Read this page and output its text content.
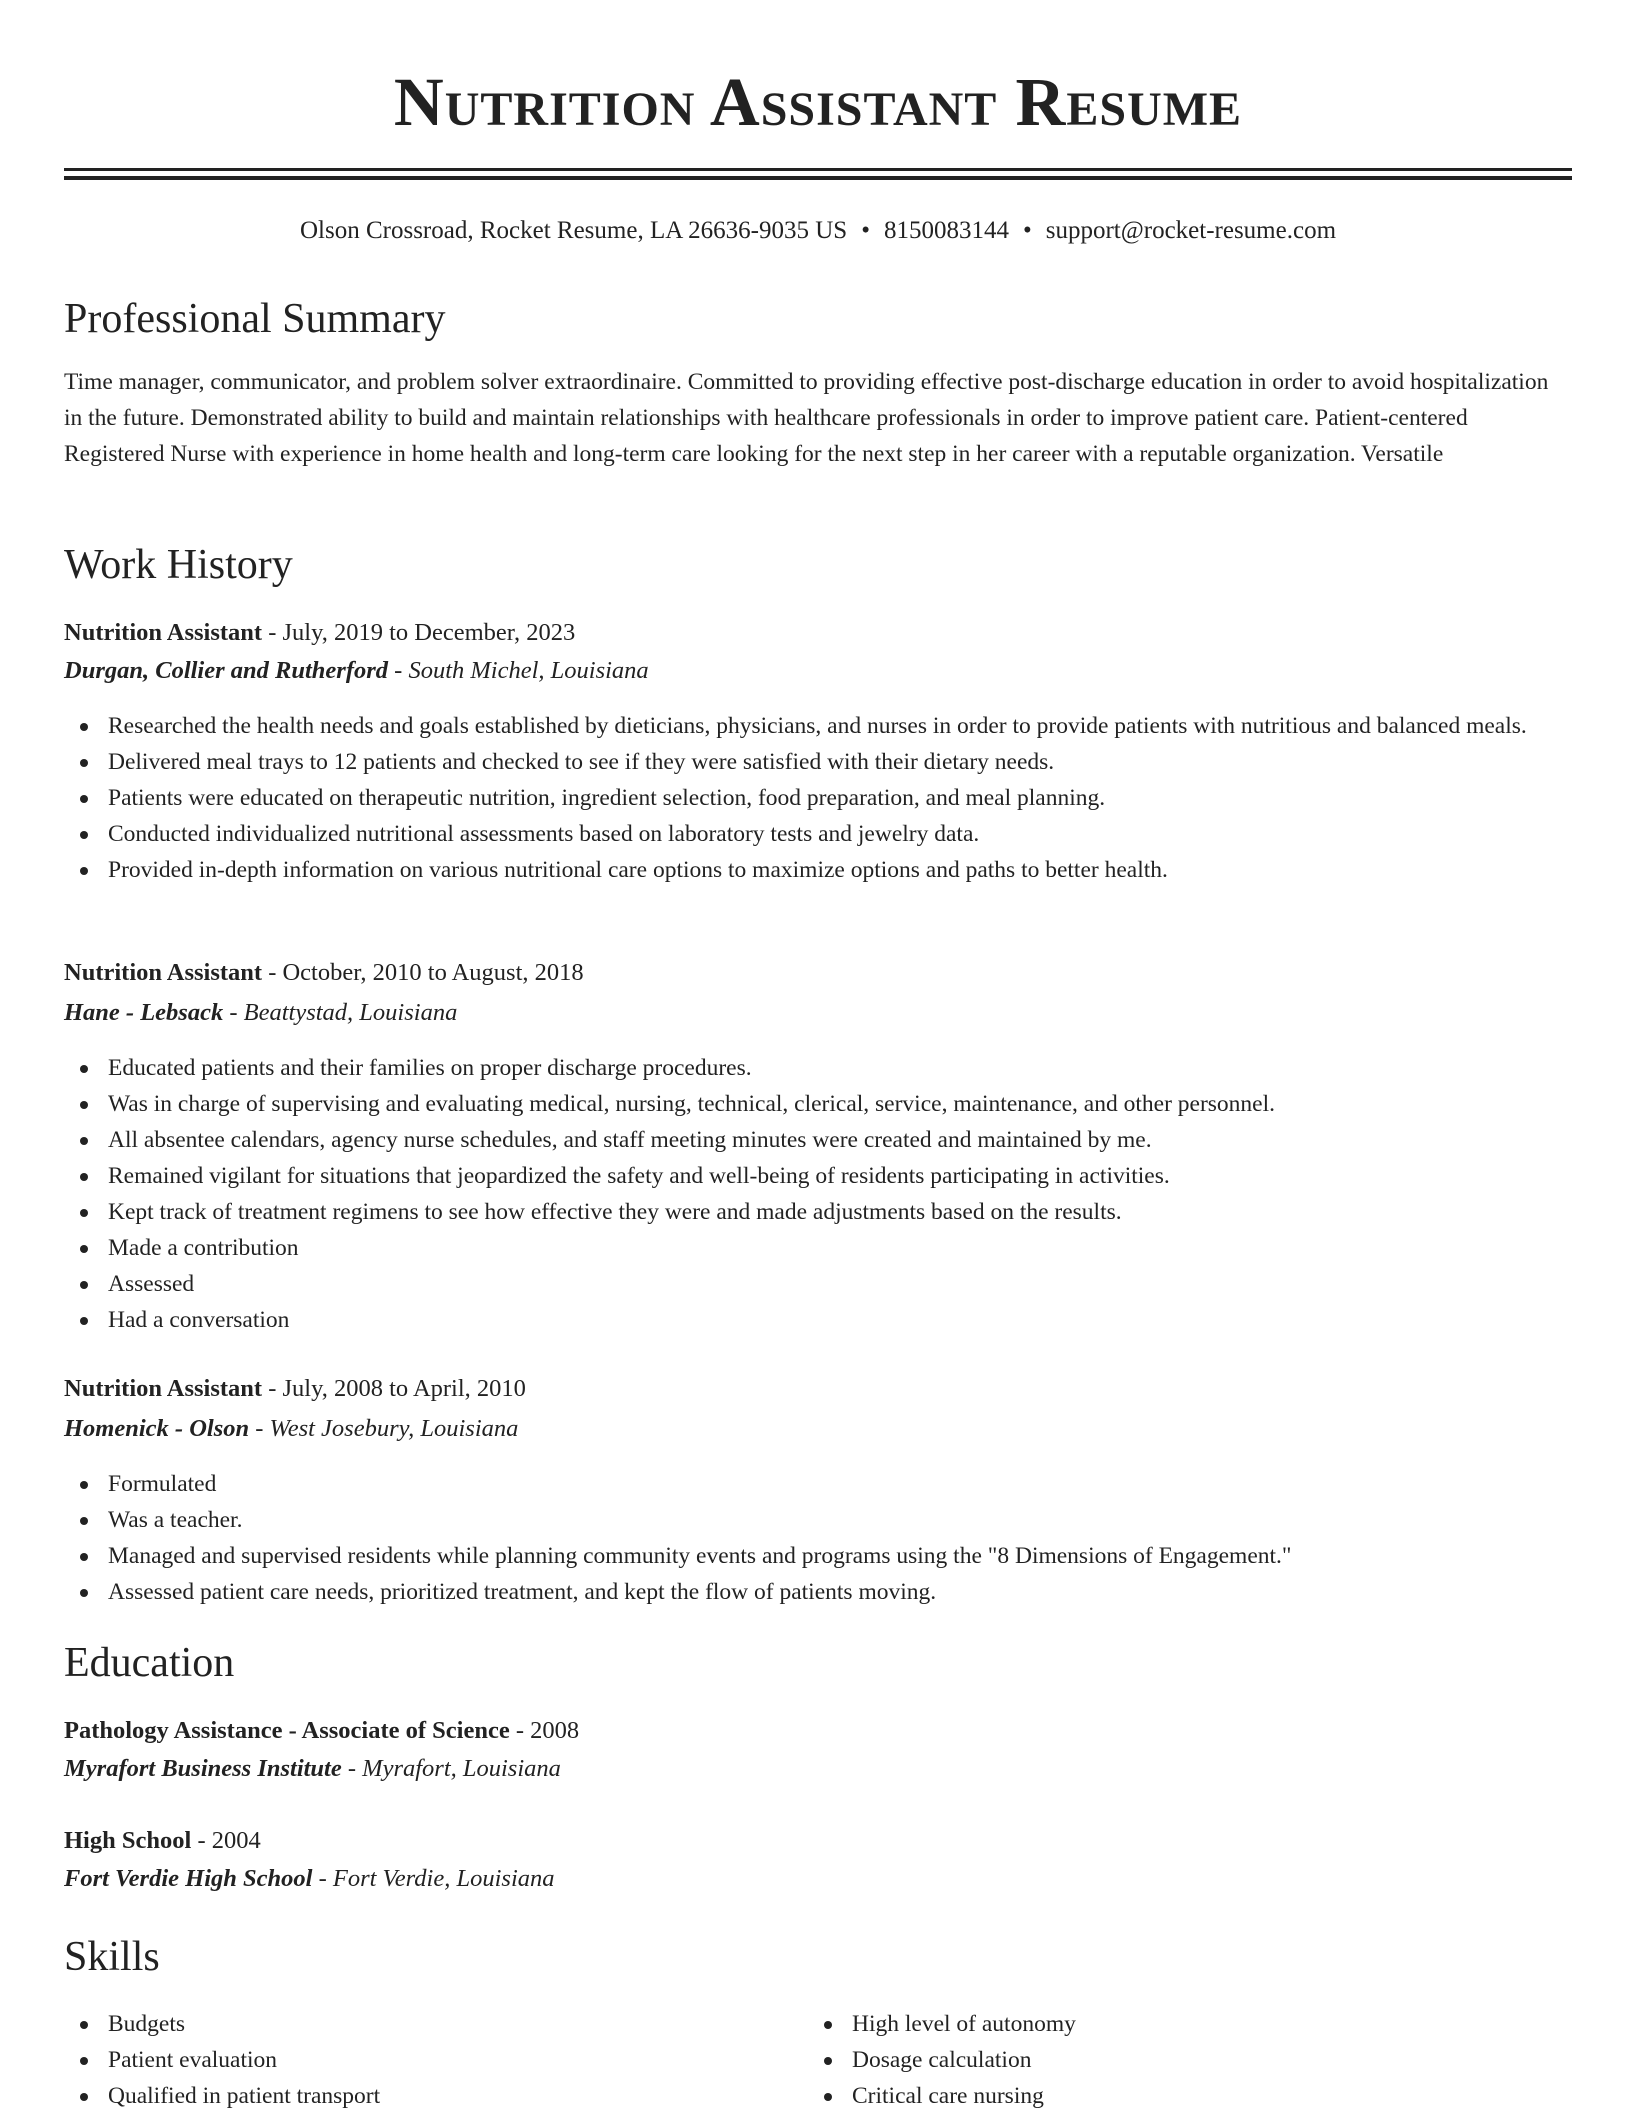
Nutrition Assistant Resume
Olson Crossroad, Rocket Resume, LA 26636-9035 US • 8150083144 • support@rocket-resume.com
Professional Summary

Time manager, communicator, and problem solver extraordinaire. Committed to providing effective post-discharge education in order to avoid hospitalization in the future. Demonstrated ability to build and maintain relationships with healthcare professionals in order to improve patient care. Patient-centered Registered Nurse with experience in home health and long-term care looking for the next step in her career with a reputable organization. Versatile

Work History
Nutrition Assistant - July, 2019 to December, 2023
Durgan, Collier and Rutherford - South Michel, Louisiana
Researched the health needs and goals established by dieticians, physicians, and nurses in order to provide patients with nutritious and balanced meals.
Delivered meal trays to 12 patients and checked to see if they were satisfied with their dietary needs.
Patients were educated on therapeutic nutrition, ingredient selection, food preparation, and meal planning.
Conducted individualized nutritional assessments based on laboratory tests and jewelry data.
Provided in-depth information on various nutritional care options to maximize options and paths to better health.
Nutrition Assistant - October, 2010 to August, 2018
Hane - Lebsack - Beattystad, Louisiana
Educated patients and their families on proper discharge procedures.
Was in charge of supervising and evaluating medical, nursing, technical, clerical, service, maintenance, and other personnel.
All absentee calendars, agency nurse schedules, and staff meeting minutes were created and maintained by me.
Remained vigilant for situations that jeopardized the safety and well-being of residents participating in activities.
Kept track of treatment regimens to see how effective they were and made adjustments based on the results.
Made a contribution
Assessed
Had a conversation
Nutrition Assistant - July, 2008 to April, 2010
Homenick - Olson - West Josebury, Louisiana
Formulated
Was a teacher.
Managed and supervised residents while planning community events and programs using the "8 Dimensions of Engagement."
Assessed patient care needs, prioritized treatment, and kept the flow of patients moving.
Education
Pathology Assistance - Associate of Science - 2008
Myrafort Business Institute - Myrafort, Louisiana
High School - 2004
Fort Verdie High School - Fort Verdie, Louisiana
Skills
Budgets
Patient evaluation
Qualified in patient transport
High level of autonomy
Dosage calculation
Critical care nursing
